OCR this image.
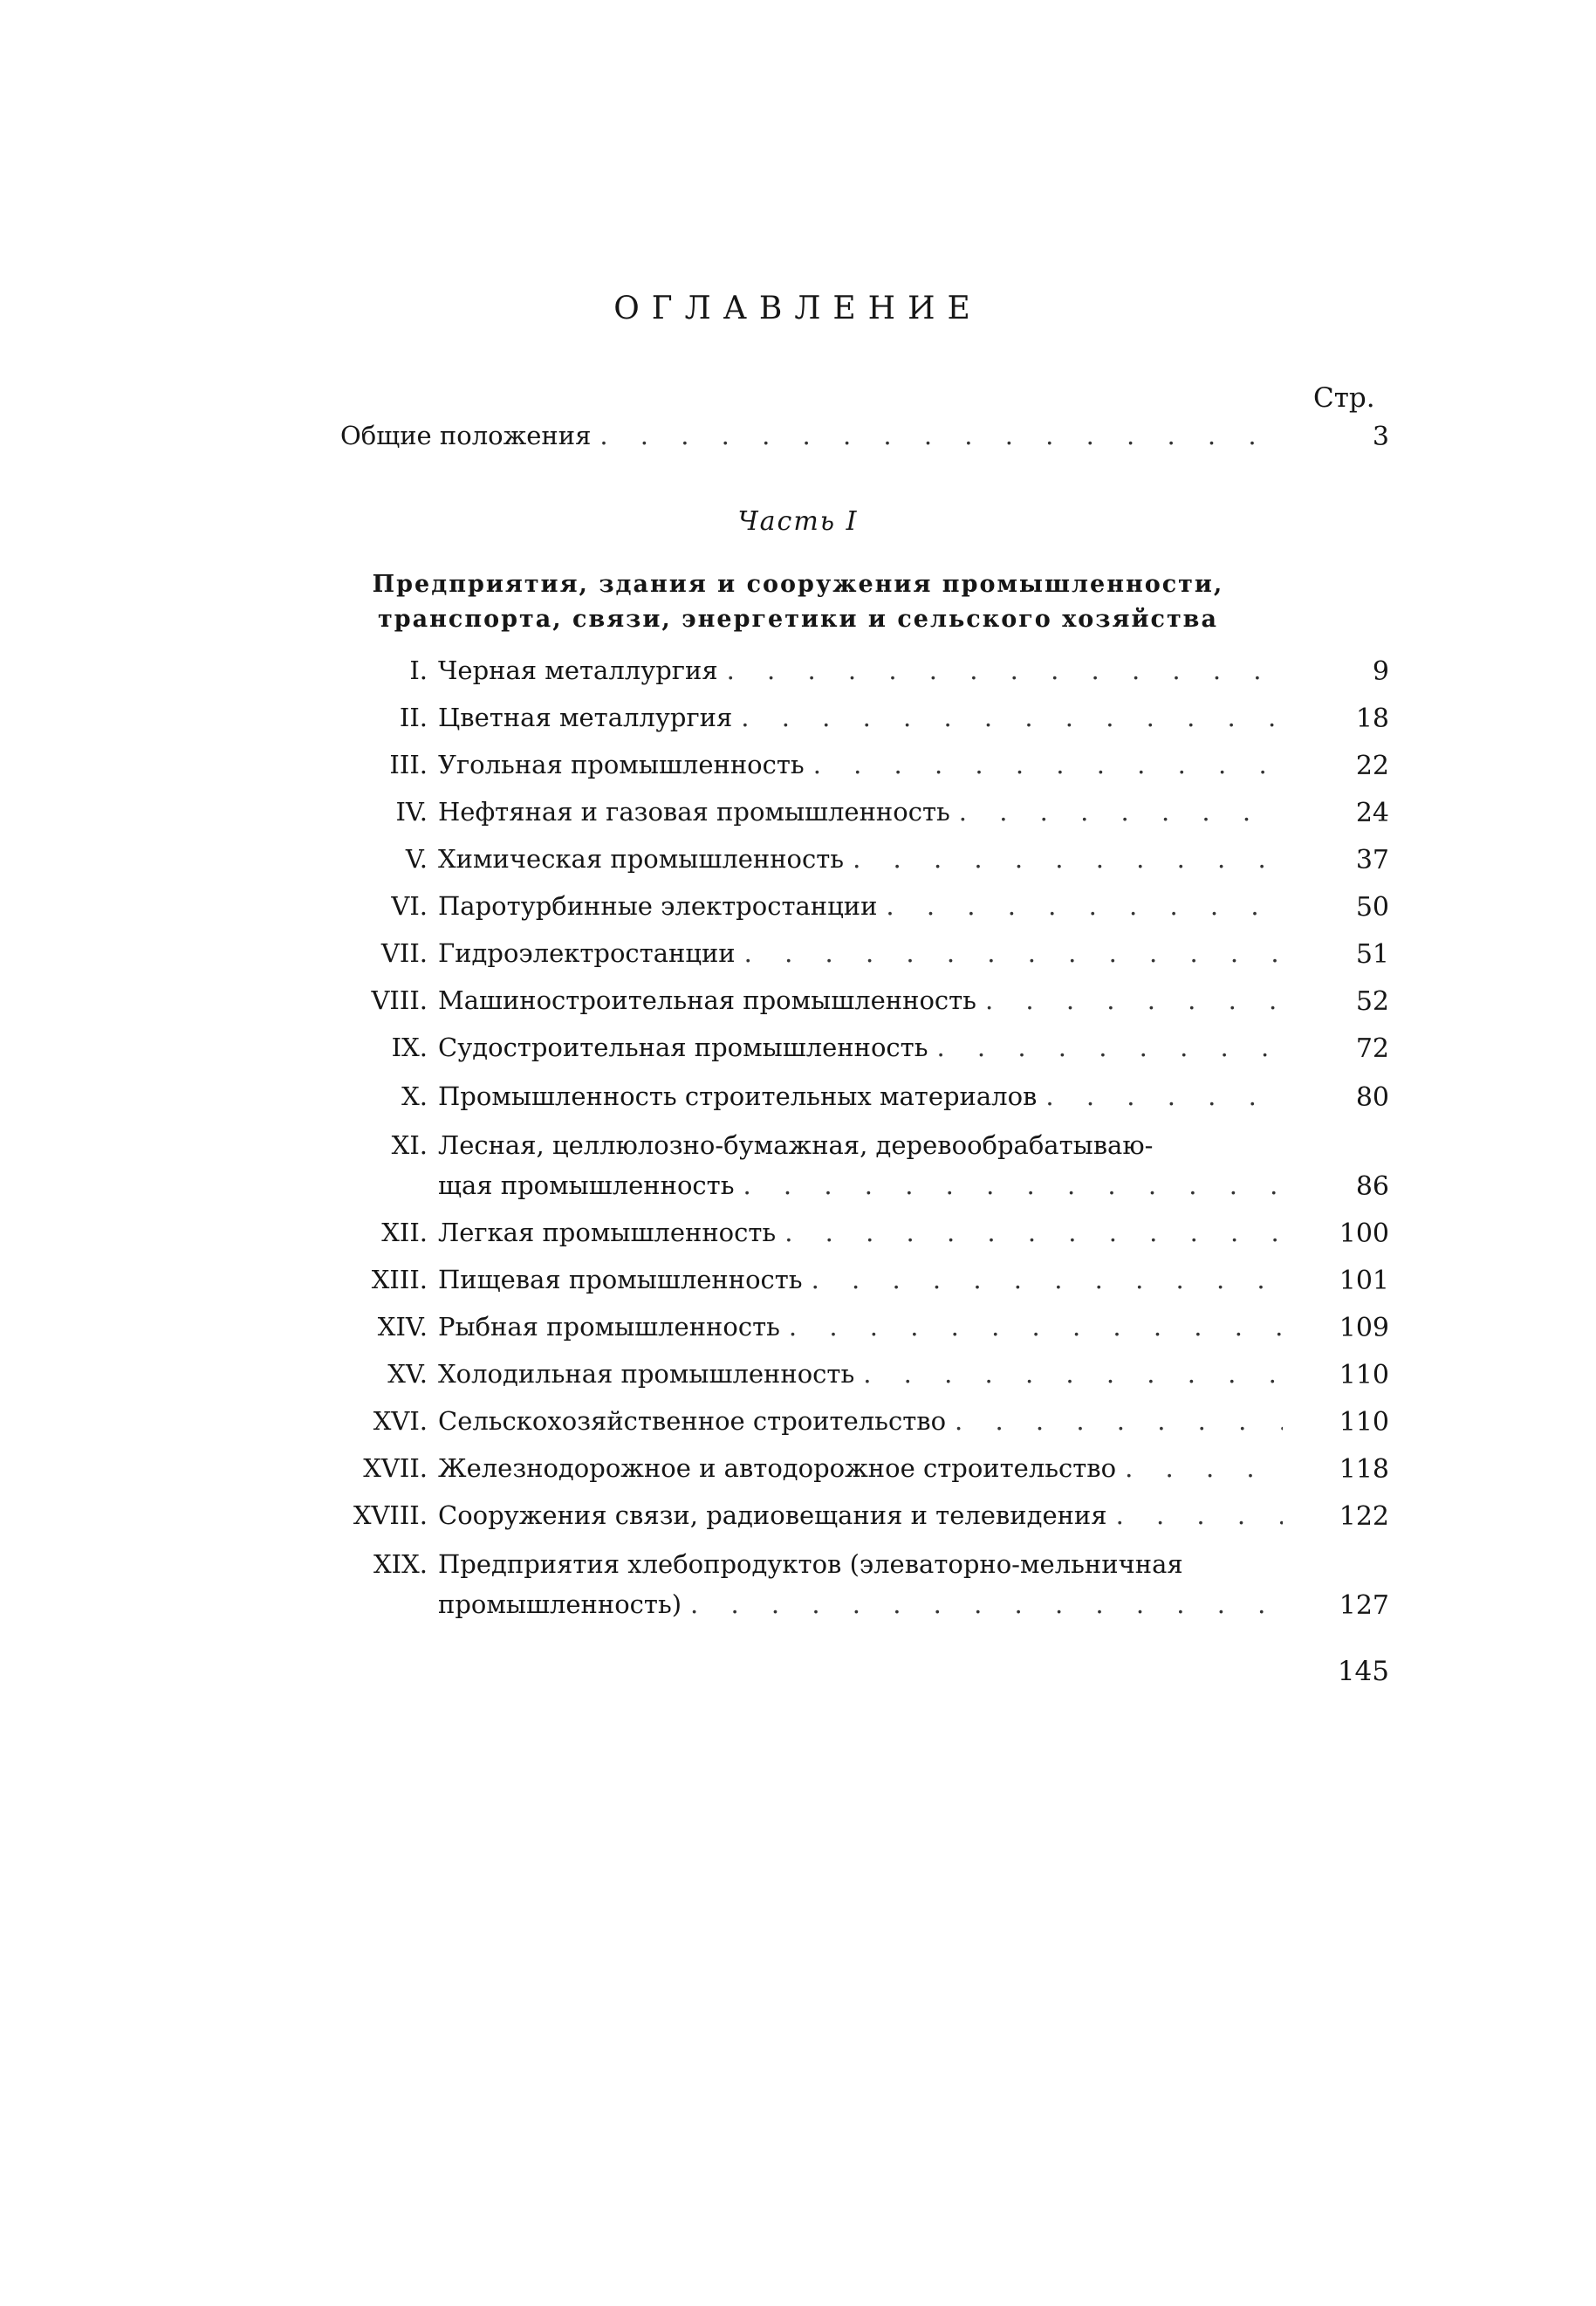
ОГЛАВЛЕНИЕ
Стр.
Общие положения . . .	3
Часть I
Предприятия, здания и сооружения промышленности,
транспорта, связи, энергетики и сельского хозяйства
I. Черная металлургия . . .	9
II. Цветная металлургия . . .	18
III. Угольная промышленность . . .	22
IV. Нефтяная и газовая промышленность . . .	24
V. Химическая промышленность . . .	37
VI. Паротурбинные электростанции . . .	50
VII. Гидроэлектростанции . . .	51
VIII. Машиностроительная промышленность . . .	52
IX. Судостроительная промышленность . . .	72
X. Промышленность строительных материалов . . .	80
XI. Лесная, целлюлозно-бумажная, деревообрабатываю-
щая промышленность . . .	86
XII. Легкая промышленность . . .	100
XIII. Пищевая промышленность . . .	101
XIV. Рыбная промышленность . . .	109
XV. Холодильная промышленность . . .	110
XVI. Сельскохозяйственное строительство . . .	110
XVII. Железнодорожное и автодорожное строительство . . .	118
XVIII. Сооружения связи, радиовещания и телевидения . . .	122
XIX. Предприятия хлебопродуктов (элеваторно-мельничная
промышленность) . . .	127
145
